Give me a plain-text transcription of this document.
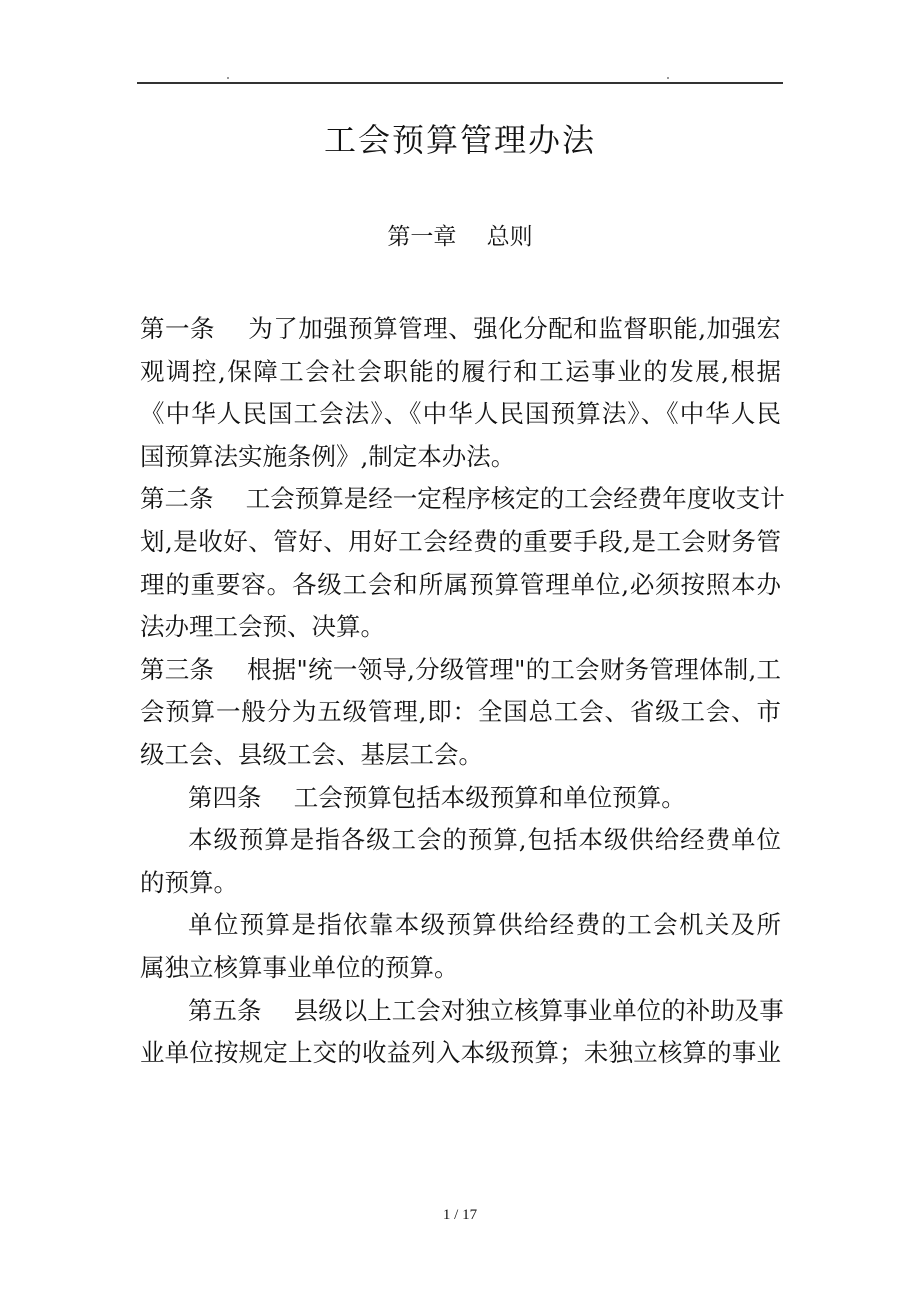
工会预算管理办法
第一章　 总则
第一条　 为了加强预算管理、强化分配和监督职能,加强宏
观调控,保障工会社会职能的履行和工运事业的发展,根据
《中华人民国工会法》、《中华人民国预算法》、《中华人民
国预算法实施条例》,制定本办法。
第二条　 工会预算是经一定程序核定的工会经费年度收支计
划,是收好、管好、用好工会经费的重要手段,是工会财务管
理的重要容。各级工会和所属预算管理单位,必须按照本办
法办理工会预、决算。
第三条　 根据"统一领导,分级管理"的工会财务管理体制,工
会预算一般分为五级管理,即：全国总工会、省级工会、市
级工会、县级工会、基层工会。
第四条　 工会预算包括本级预算和单位预算。
本级预算是指各级工会的预算,包括本级供给经费单位
的预算。
单位预算是指依靠本级预算供给经费的工会机关及所
属独立核算事业单位的预算。
第五条　 县级以上工会对独立核算事业单位的补助及事
业单位按规定上交的收益列入本级预算；未独立核算的事业
1 / 17
